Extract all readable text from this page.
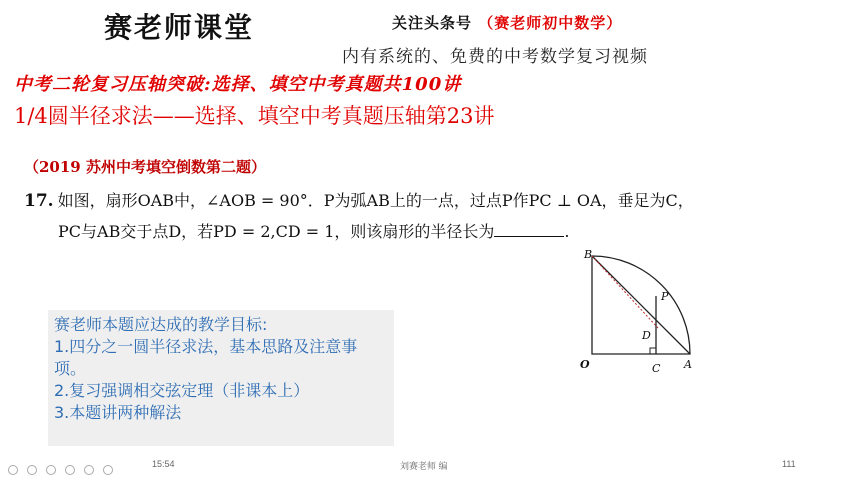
赛老师课堂	关注头条号 （赛老师初中数学）
内有系统的、免费的中考数学复习视频
中考二轮复习压轴突破:选择、填空中考真题共100讲
1/4圆半径求法——选择、填空中考真题压轴第23讲
（2019 苏州中考填空倒数第二题）
17. 如图，扇形OAB中，∠AOB = 90°．P为弧AB上的一点，过点P作PC ⊥ OA，垂足为C，
PC与AB交于点D，若PD = 2,CD = 1，则该扇形的半径长为	.
赛老师本题应达成的教学目标:
1.四分之一圆半径求法，基本思路及注意事项。
2.复习强调相交弦定理（非课本上）
3.本题讲两种解法
B
P
D
O	C A
15:54	刘赛老师 编	111
